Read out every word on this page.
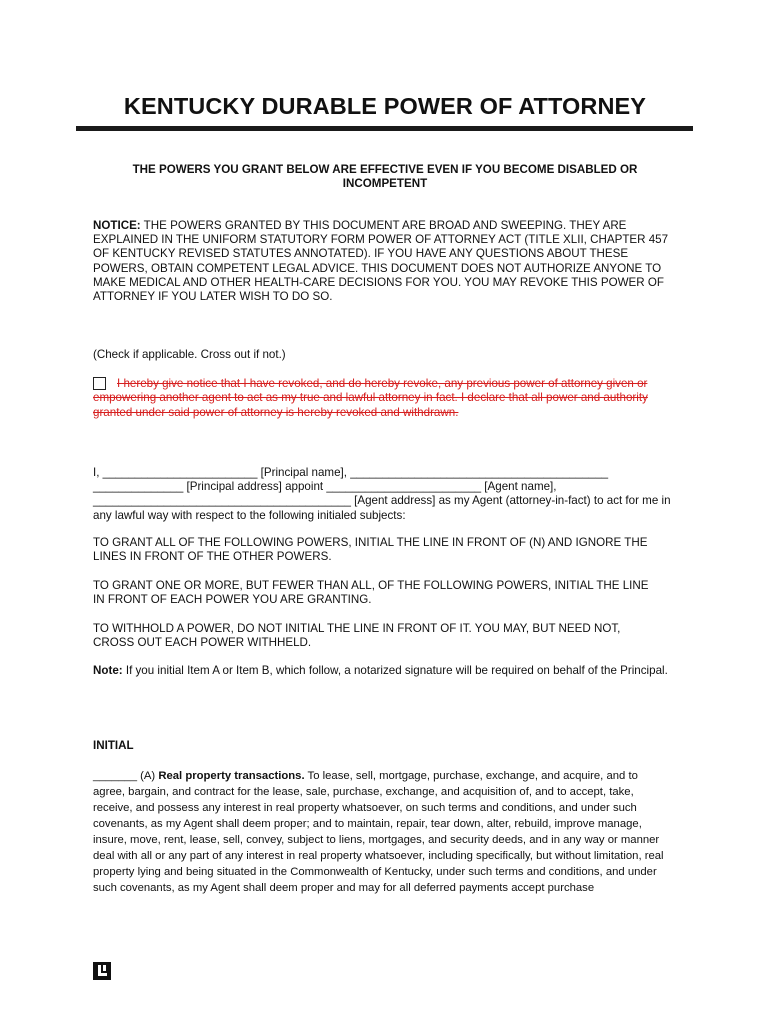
KENTUCKY DURABLE POWER OF ATTORNEY

THE POWERS YOU GRANT BELOW ARE EFFECTIVE EVEN IF YOU BECOME DISABLED OR INCOMPETENT

NOTICE: THE POWERS GRANTED BY THIS DOCUMENT ARE BROAD AND SWEEPING. THEY ARE EXPLAINED IN THE UNIFORM STATUTORY FORM POWER OF ATTORNEY ACT (TITLE XLII, CHAPTER 457 OF KENTUCKY REVISED STATUTES ANNOTATED). IF YOU HAVE ANY QUESTIONS ABOUT THESE POWERS, OBTAIN COMPETENT LEGAL ADVICE. THIS DOCUMENT DOES NOT AUTHORIZE ANYONE TO MAKE MEDICAL AND OTHER HEALTH-CARE DECISIONS FOR YOU. YOU MAY REVOKE THIS POWER OF ATTORNEY IF YOU LATER WISH TO DO SO.

(Check if applicable. Cross out if not.)

I hereby give notice that I have revoked, and do hereby revoke, any previous power of attorney given or empowering another agent to act as my true and lawful attorney in fact. I declare that all power and authority granted under said power of attorney is hereby revoked and withdrawn.

I, ________________________ [Principal name], ________________________________________ ______________ [Principal address] appoint ________________________ [Agent name], ________________________________________ [Agent address] as my Agent (attorney-in-fact) to act for me in any lawful way with respect to the following initialed subjects:

TO GRANT ALL OF THE FOLLOWING POWERS, INITIAL THE LINE IN FRONT OF (N) AND IGNORE THE LINES IN FRONT OF THE OTHER POWERS.

TO GRANT ONE OR MORE, BUT FEWER THAN ALL, OF THE FOLLOWING POWERS, INITIAL THE LINE IN FRONT OF EACH POWER YOU ARE GRANTING.

TO WITHHOLD A POWER, DO NOT INITIAL THE LINE IN FRONT OF IT. YOU MAY, BUT NEED NOT, CROSS OUT EACH POWER WITHHELD.

Note: If you initial Item A or Item B, which follow, a notarized signature will be required on behalf of the Principal.

INITIAL

_______ (A) Real property transactions. To lease, sell, mortgage, purchase, exchange, and acquire, and to agree, bargain, and contract for the lease, sale, purchase, exchange, and acquisition of, and to accept, take, receive, and possess any interest in real property whatsoever, on such terms and conditions, and under such covenants, as my Agent shall deem proper; and to maintain, repair, tear down, alter, rebuild, improve manage, insure, move, rent, lease, sell, convey, subject to liens, mortgages, and security deeds, and in any way or manner deal with all or any part of any interest in real property whatsoever, including specifically, but without limitation, real property lying and being situated in the Commonwealth of Kentucky, under such terms and conditions, and under such covenants, as my Agent shall deem proper and may for all deferred payments accept purchase
